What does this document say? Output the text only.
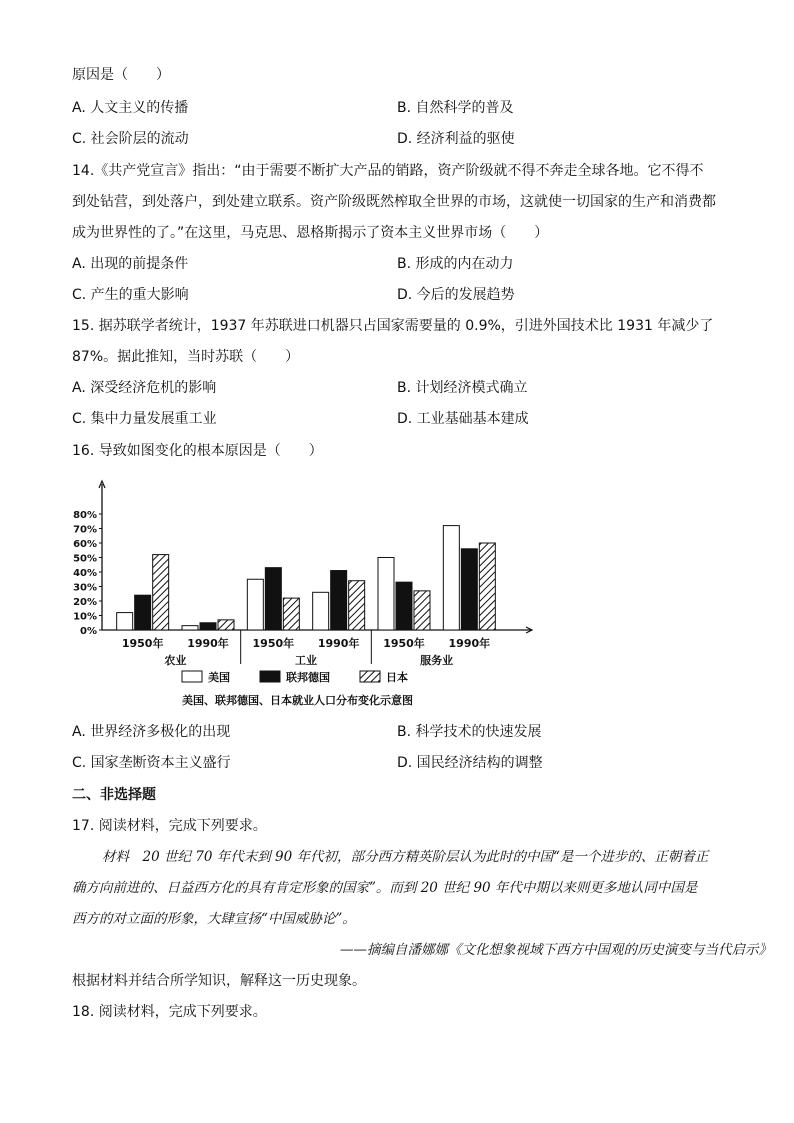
原因是（　　）
A. 人文主义的传播	B. 自然科学的普及
C. 社会阶层的流动	D. 经济利益的驱使
14.《共产党宣言》指出：“由于需要不断扩大产品的销路，资产阶级就不得不奔走全球各地。它不得不
到处钻营，到处落户，到处建立联系。资产阶级既然榨取全世界的市场，这就使一切国家的生产和消费都
成为世界性的了。”在这里，马克思、恩格斯揭示了资本主义世界市场（　　）
A. 出现的前提条件	B. 形成的内在动力
C. 产生的重大影响	D. 今后的发展趋势
15. 据苏联学者统计，1937 年苏联进口机器只占国家需要量的 0.9%，引进外国技术比 1931 年减少了
87%。据此推知，当时苏联（　　）
A. 深受经济危机的影响	B. 计划经济模式确立
C. 集中力量发展重工业	D. 工业基础基本建成
16. 导致如图变化的根本原因是（　　）
0%
10%
20%
30%
40%
50%
60%
70%
80%
1950年 1990年 1950年 1990年 1950年 1990年
农业	工业	服务业
美国	联邦德国	日本
美国、联邦德国、日本就业人口分布变化示意图
A. 世界经济多极化的出现	B. 科学技术的快速发展
C. 国家垄断资本主义盛行	D. 国民经济结构的调整
二、非选择题
17. 阅读材料，完成下列要求。
材料　20 世纪 70 年代末到 90 年代初，部分西方精英阶层认为此时的中国“是一个进步的、正朝着正
确方向前进的、日益西方化的具有肯定形象的国家”。而到 20 世纪 90 年代中期以来则更多地认同中国是
西方的对立面的形象，大肆宣扬“中国威胁论”。
——摘编自潘娜娜《文化想象视域下西方中国观的历史演变与当代启示》
根据材料并结合所学知识，解释这一历史现象。
18. 阅读材料，完成下列要求。
